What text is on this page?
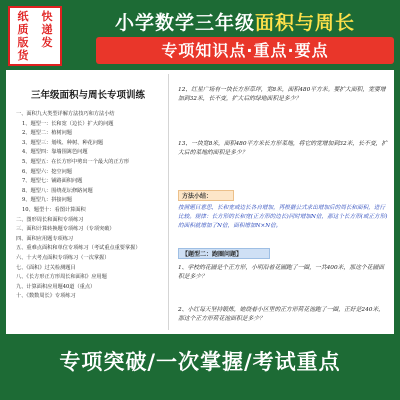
纸	快
质	递
版	发
货
小学数学三年级面积与周长
专项知识点·重点·要点
三年级面积与周长专项训练
一、面积九大类型详解方法技巧和方法小结
1、题型一：长和宽（边长）扩大的问题
2、题型二：植树问题
3、题型三：划线、种树、种花问题
4、题型四：靠墙围篱笆问题
5、题型五：在长方形中剪出一个最大的正方形
6、题型六：挖空问题
7、题型七：铺路面积问题
8、题型八：围绕花坛修路问题
9、题型九：拼接问题
10、题型十：看图计算面积
二、图形周长和面积专项练习
三、面积计算转换题专项练习（专项突破）
四、面积应用题专项练习
五、重难点面积和单位专项练习（考试重点重要掌握）
六、十大考点面积专项练习（一次掌握）
七、《面积》过关检测题目
八、《长方形正方形周长和面积》应用题
九、计算面积应用题40道（重点）
十、《数数周长》专项练习
12、红星广场有一块长方形草坪，宽8米，面积480平方米。要扩大面积，宽要增加到32米，长不变，扩大后的绿地面积是多少？
13、一块宽8米，面积480平方米长方形菜地，将它的宽增加到32米，长不变，扩大后的菜地的面积是多少？
方法小结：
按照题目意思，长和宽或边长各自增加，再根据公式求出增加后的周长和面积，进行比较。规律：长方形的长和宽(正方形的边长)同时增加N倍，那这个长方形(或正方形)的面积就增加了N倍，面积增加N×N倍。
【题型二：跑圈问题】
1、学校的花圃是个正方形，小明沿着花圃跑了一圈，一共400米，那这个花圃面积是多少？
2、小红每天坚持锻炼，她绕着小区里的正方形荷花池跑了一圈，正好是240米，那这个正方形荷花池面积是多少？
专项突破/一次掌握/考试重点
